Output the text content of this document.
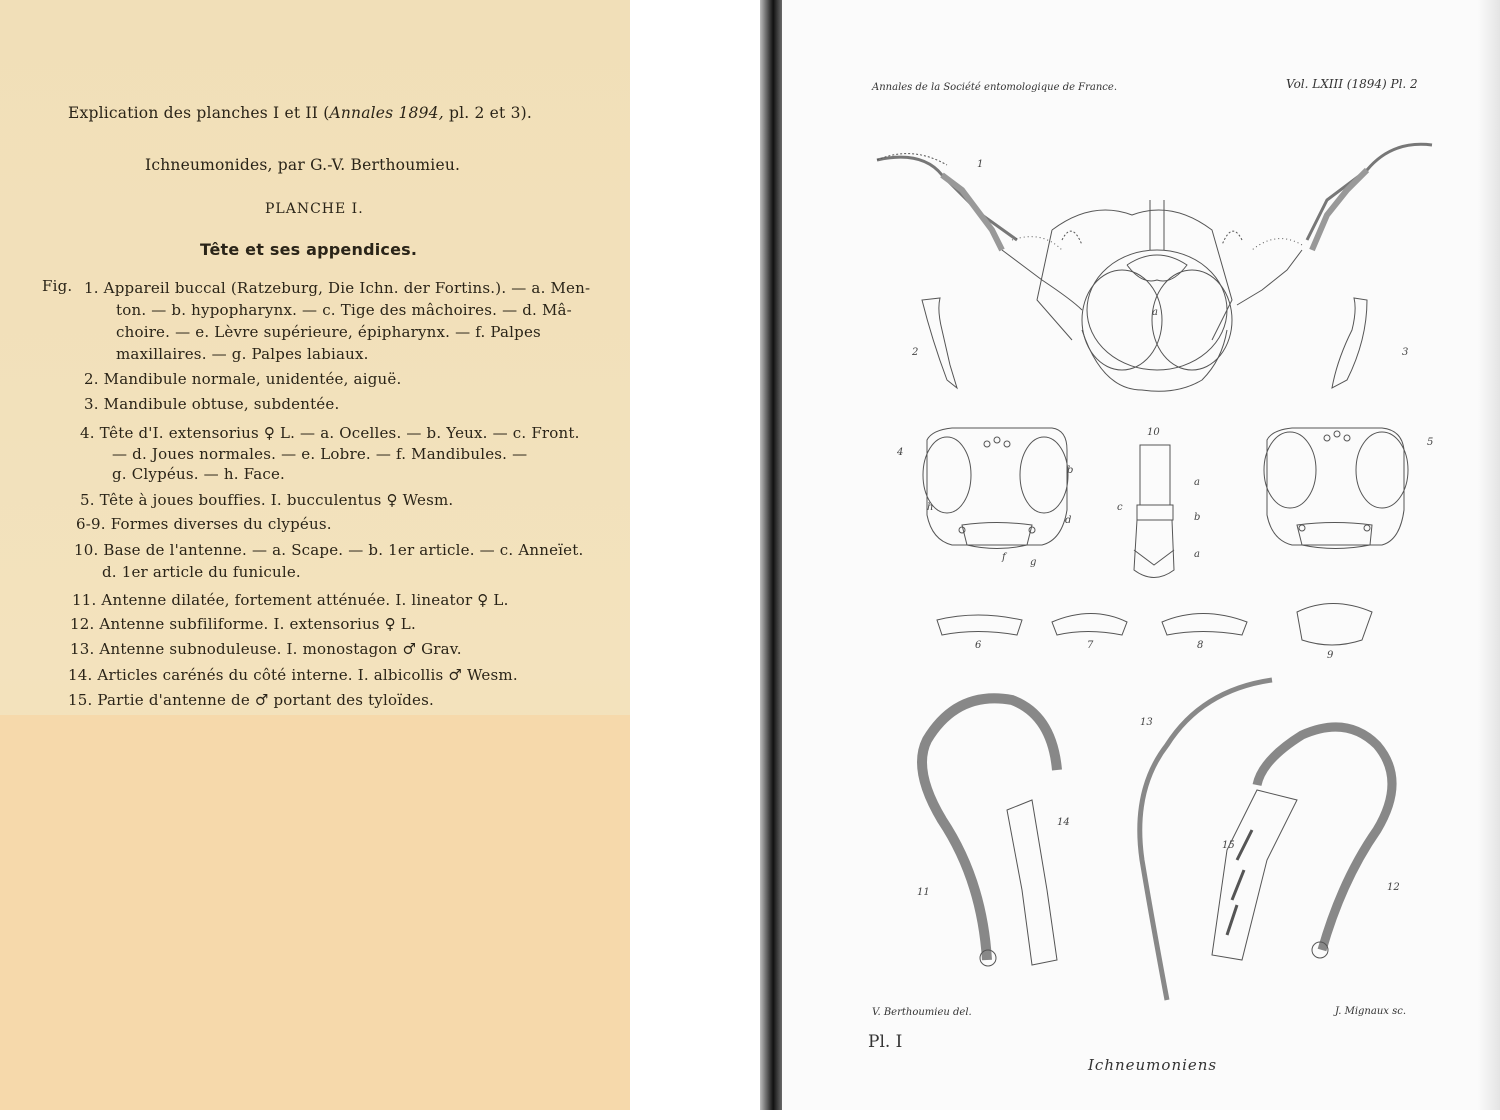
Explication des planches I et II (Annales 1894, pl. 2 et 3).
Ichneumonides, par G.-V. Berthoumieu.
PLANCHE I.
Tête et ses appendices.
Fig. 1. Appareil buccal (Ratzeburg, Die Ichn. der Fortins.). — a. Men-
ton. — b. hypopharynx. — c. Tige des mâchoires. — d. Mâ-
choire. — e. Lèvre supérieure, épipharynx. — f. Palpes
maxillaires. — g. Palpes labiaux.
2. Mandibule normale, unidentée, aiguë.
3. Mandibule obtuse, subdentée.
4. Tête d'I. extensorius ♀ L. — a. Ocelles. — b. Yeux. — c. Front.
— d. Joues normales. — e. Lobre. — f. Mandibules. —
g. Clypéus. — h. Face.
5. Tête à joues bouffies. I. bucculentus ♀ Wesm.
6-9. Formes diverses du clypéus.
10. Base de l'antenne. — a. Scape. — b. 1er article. — c. Anneïet.
d. 1er article du funicule.
11. Antenne dilatée, fortement atténuée. I. lineator ♀ L.
12. Antenne subfiliforme. I. extensorius ♀ L.
13. Antenne subnoduleuse. I. monostagon ♂ Grav.
14. Articles carénés du côté interne. I. albicollis ♂ Wesm.
15. Partie d'antenne de ♂ portant des tyloïdes.
1
2	3
4
5
10
6	7	8
9
11	12
13
14
15
h
b
d
c
a
b
a
a
f g
Annales de la Société entomologique de France.	Vol. LXIII (1894) Pl. 2
V. Berthoumieu del.	J. Mignaux sc.
Pl. I
Ichneumoniens
